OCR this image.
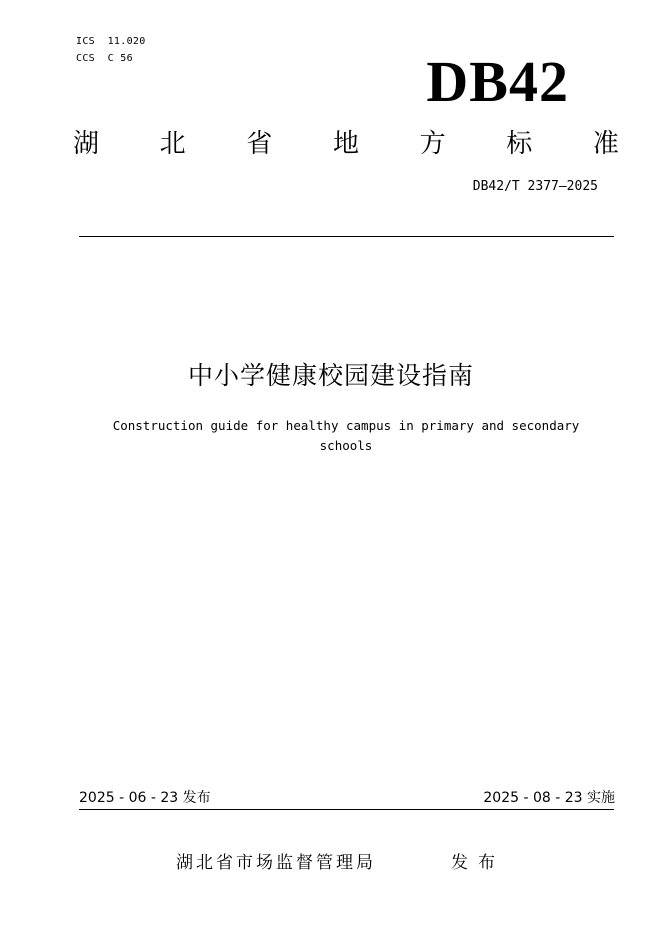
ICS  11.020
CCS  C 56	DB42
湖 北 省 地 方 标 准
DB42/T 2377—2025
中小学健康校园建设指南
Construction guide for healthy campus in primary and secondary schools
2025 - 06 - 23 发布	2025 - 08 - 23 实施
湖北省市场监督管理局	发布
